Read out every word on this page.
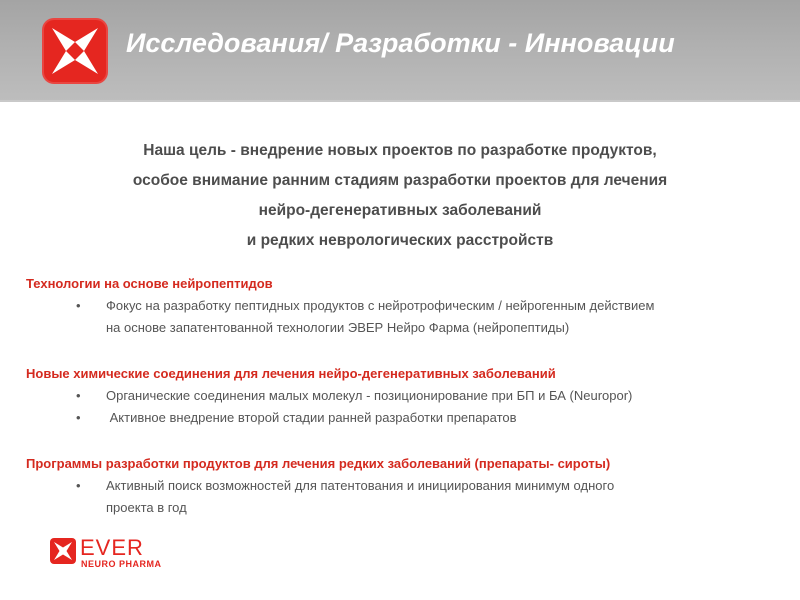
Исследования/ Разработки - Инновации
Наша цель - внедрение новых проектов по разработке продуктов,
особое внимание ранним стадиям разработки проектов для лечения
нейро-дегенеративных заболеваний
и редких неврологических расстройств
Технологии на основе нейропептидов
• Фокус на разработку пептидных продуктов с нейротрофическим / нейрогенным действием
на основе запатентованной технологии ЭВЕР Нейро Фарма (нейропептиды)
Новые химические соединения для лечения нейро-дегенеративных заболеваний
• Органические соединения малых молекул - позиционирование при БП и БА (Neuropor)
• Активное внедрение второй стадии ранней разработки препаратов
Программы разработки продуктов для лечения редких заболеваний (препараты- сироты)
• Активный поиск возможностей для патентования и инициирования минимум одного
проекта в год
EVER
NEURO PHARMA
